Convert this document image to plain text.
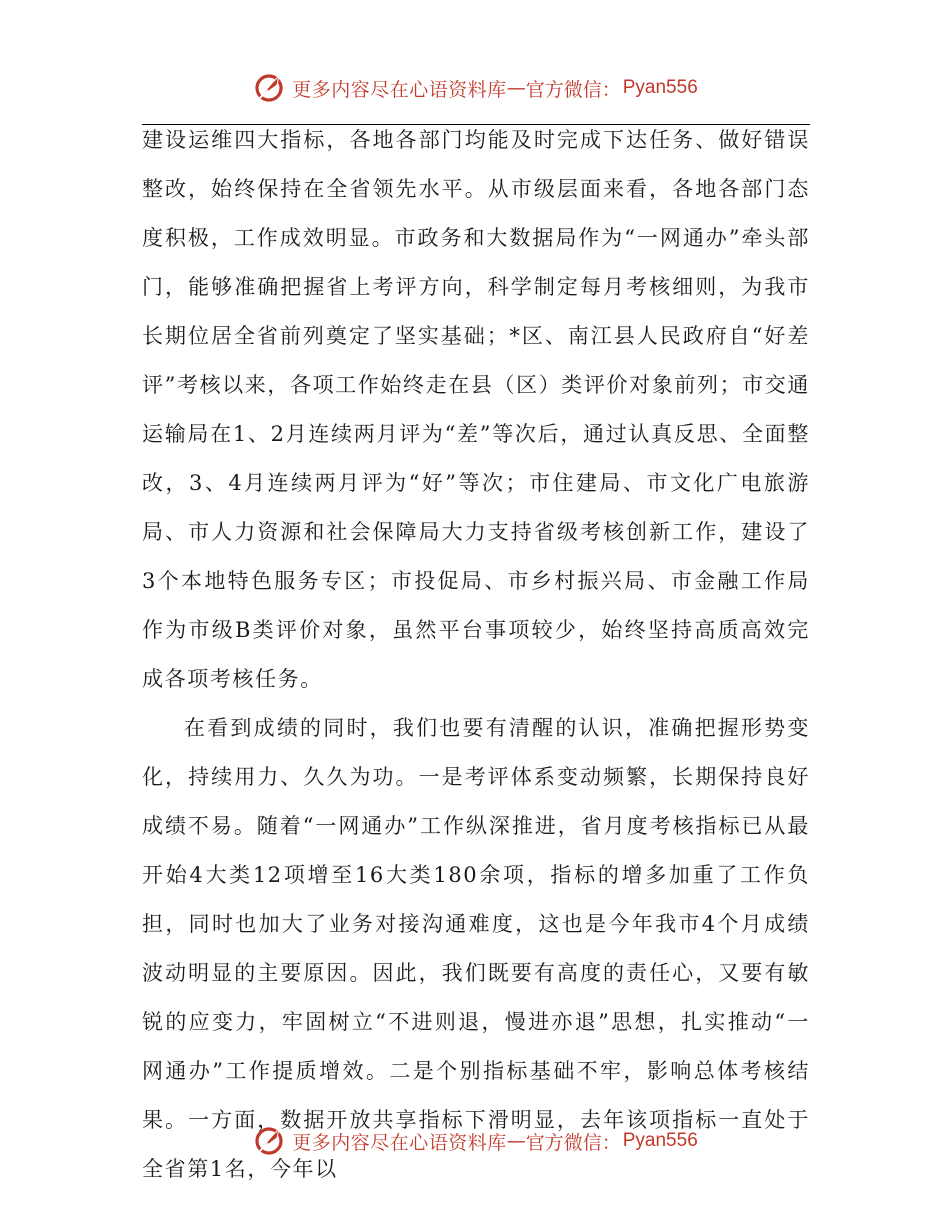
更多内容尽在心语资料库 — 官方微信： Pyan556

建设运维四大指标，各地各部门均能及时完成下达任务、做好错误整改，始终保持在全省领先水平。从市级层面来看，各地各部门态度积极，工作成效明显。市政务和大数据局作为“一网通办”牵头部门，能够准确把握省上考评方向，科学制定每月考核细则，为我市长期位居全省前列奠定了坚实基础；*区、南江县人民政府自“好差评”考核以来，各项工作始终走在县（区）类评价对象前列；市交通运输局在1、2月连续两月评为“差”等次后，通过认真反思、全面整改，3、4月连续两月评为“好”等次；市住建局、市文化广电旅游局、市人力资源和社会保障局大力支持省级考核创新工作，建设了3个本地特色服务专区；市投促局、市乡村振兴局、市金融工作局作为市级B类评价对象，虽然平台事项较少，始终坚持高质高效完成各项考核任务。

在看到成绩的同时，我们也要有清醒的认识，准确把握形势变化，持续用力、久久为功。一是考评体系变动频繁，长期保持良好成绩不易。随着“一网通办”工作纵深推进，省月度考核指标已从最开始4大类12项增至16大类180余项，指标的增多加重了工作负担，同时也加大了业务对接沟通难度，这也是今年我市4个月成绩波动明显的主要原因。因此，我们既要有高度的责任心，又要有敏锐的应变力，牢固树立“不进则退，慢进亦退”思想，扎实推动“一网通办”工作提质增效。二是个别指标基础不牢，影响总体考核结果。一方面，数据开放共享指标下滑明显，去年该项指标一直处于全省第1名，今年以

更多内容尽在心语资料库 — 官方微信： Pyan556
